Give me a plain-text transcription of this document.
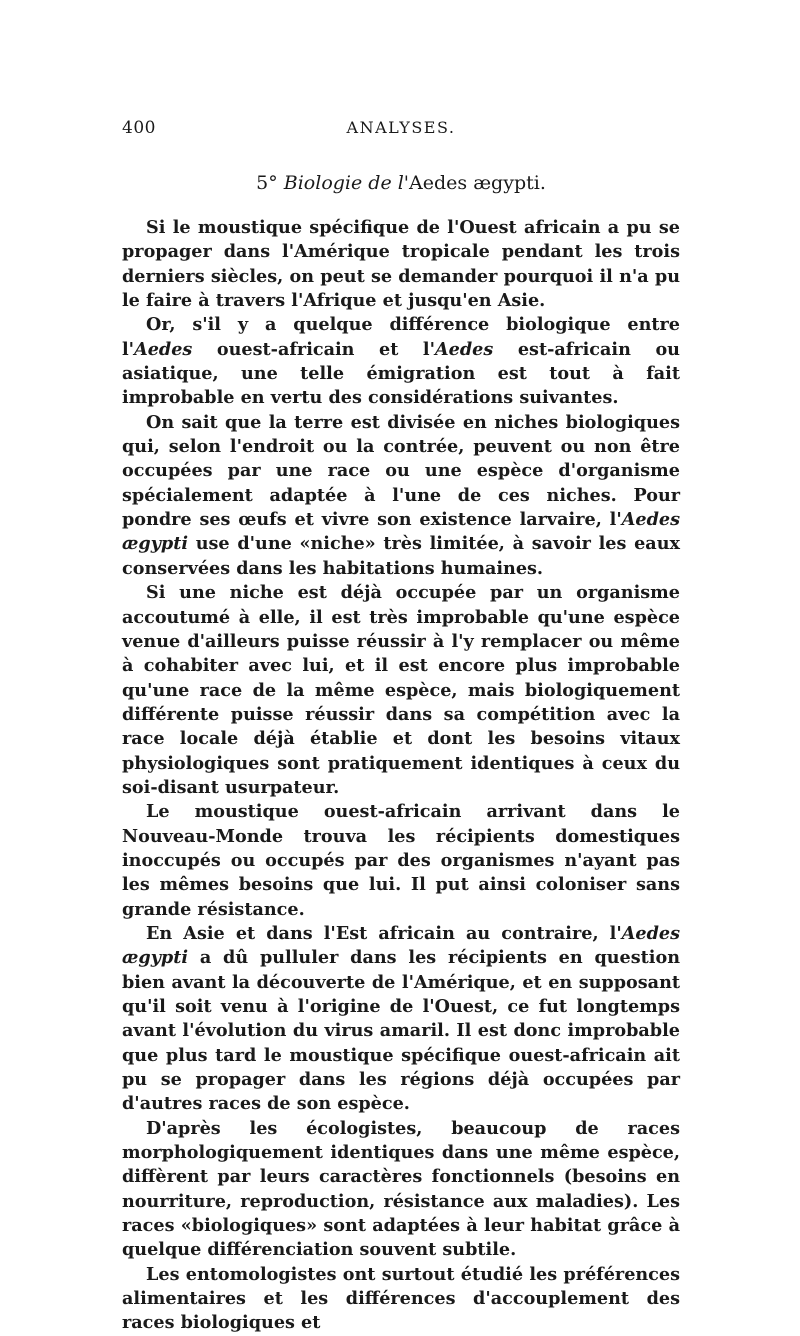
400	ANALYSES.
5° Biologie de l'Aedes ægypti.

Si le moustique spécifique de l'Ouest africain a pu se propager dans l'Amérique tropicale pendant les trois derniers siècles, on peut se demander pourquoi il n'a pu le faire à travers l'Afrique et jusqu'en Asie.

Or, s'il y a quelque différence biologique entre l'Aedes ouest-africain et l'Aedes est-africain ou asiatique, une telle émigration est tout à fait improbable en vertu des considérations suivantes.

On sait que la terre est divisée en niches biologiques qui, selon l'endroit ou la contrée, peuvent ou non être occupées par une race ou une espèce d'organisme spécialement adaptée à l'une de ces niches. Pour pondre ses œufs et vivre son existence larvaire, l'Aedes ægypti use d'une «niche» très limitée, à savoir les eaux conservées dans les habitations humaines.

Si une niche est déjà occupée par un organisme accoutumé à elle, il est très improbable qu'une espèce venue d'ailleurs puisse réussir à l'y remplacer ou même à cohabiter avec lui, et il est encore plus improbable qu'une race de la même espèce, mais biologiquement différente puisse réussir dans sa compétition avec la race locale déjà établie et dont les besoins vitaux physiologiques sont pratiquement identiques à ceux du soi-disant usurpateur.

Le moustique ouest-africain arrivant dans le Nouveau-Monde trouva les récipients domestiques inoccupés ou occupés par des organismes n'ayant pas les mêmes besoins que lui. Il put ainsi coloniser sans grande résistance.

En Asie et dans l'Est africain au contraire, l'Aedes ægypti a dû pulluler dans les récipients en question bien avant la découverte de l'Amérique, et en supposant qu'il soit venu à l'origine de l'Ouest, ce fut longtemps avant l'évolution du virus amaril. Il est donc improbable que plus tard le moustique spécifique ouest-africain ait pu se propager dans les régions déjà occupées par d'autres races de son espèce.

D'après les écologistes, beaucoup de races morphologiquement identiques dans une même espèce, diffèrent par leurs caractères fonctionnels (besoins en nourriture, reproduction, résistance aux maladies). Les races «biologiques» sont adaptées à leur habitat grâce à quelque différenciation souvent subtile.

Les entomologistes ont surtout étudié les préférences alimentaires et les différences d'accouplement des races biologiques et
